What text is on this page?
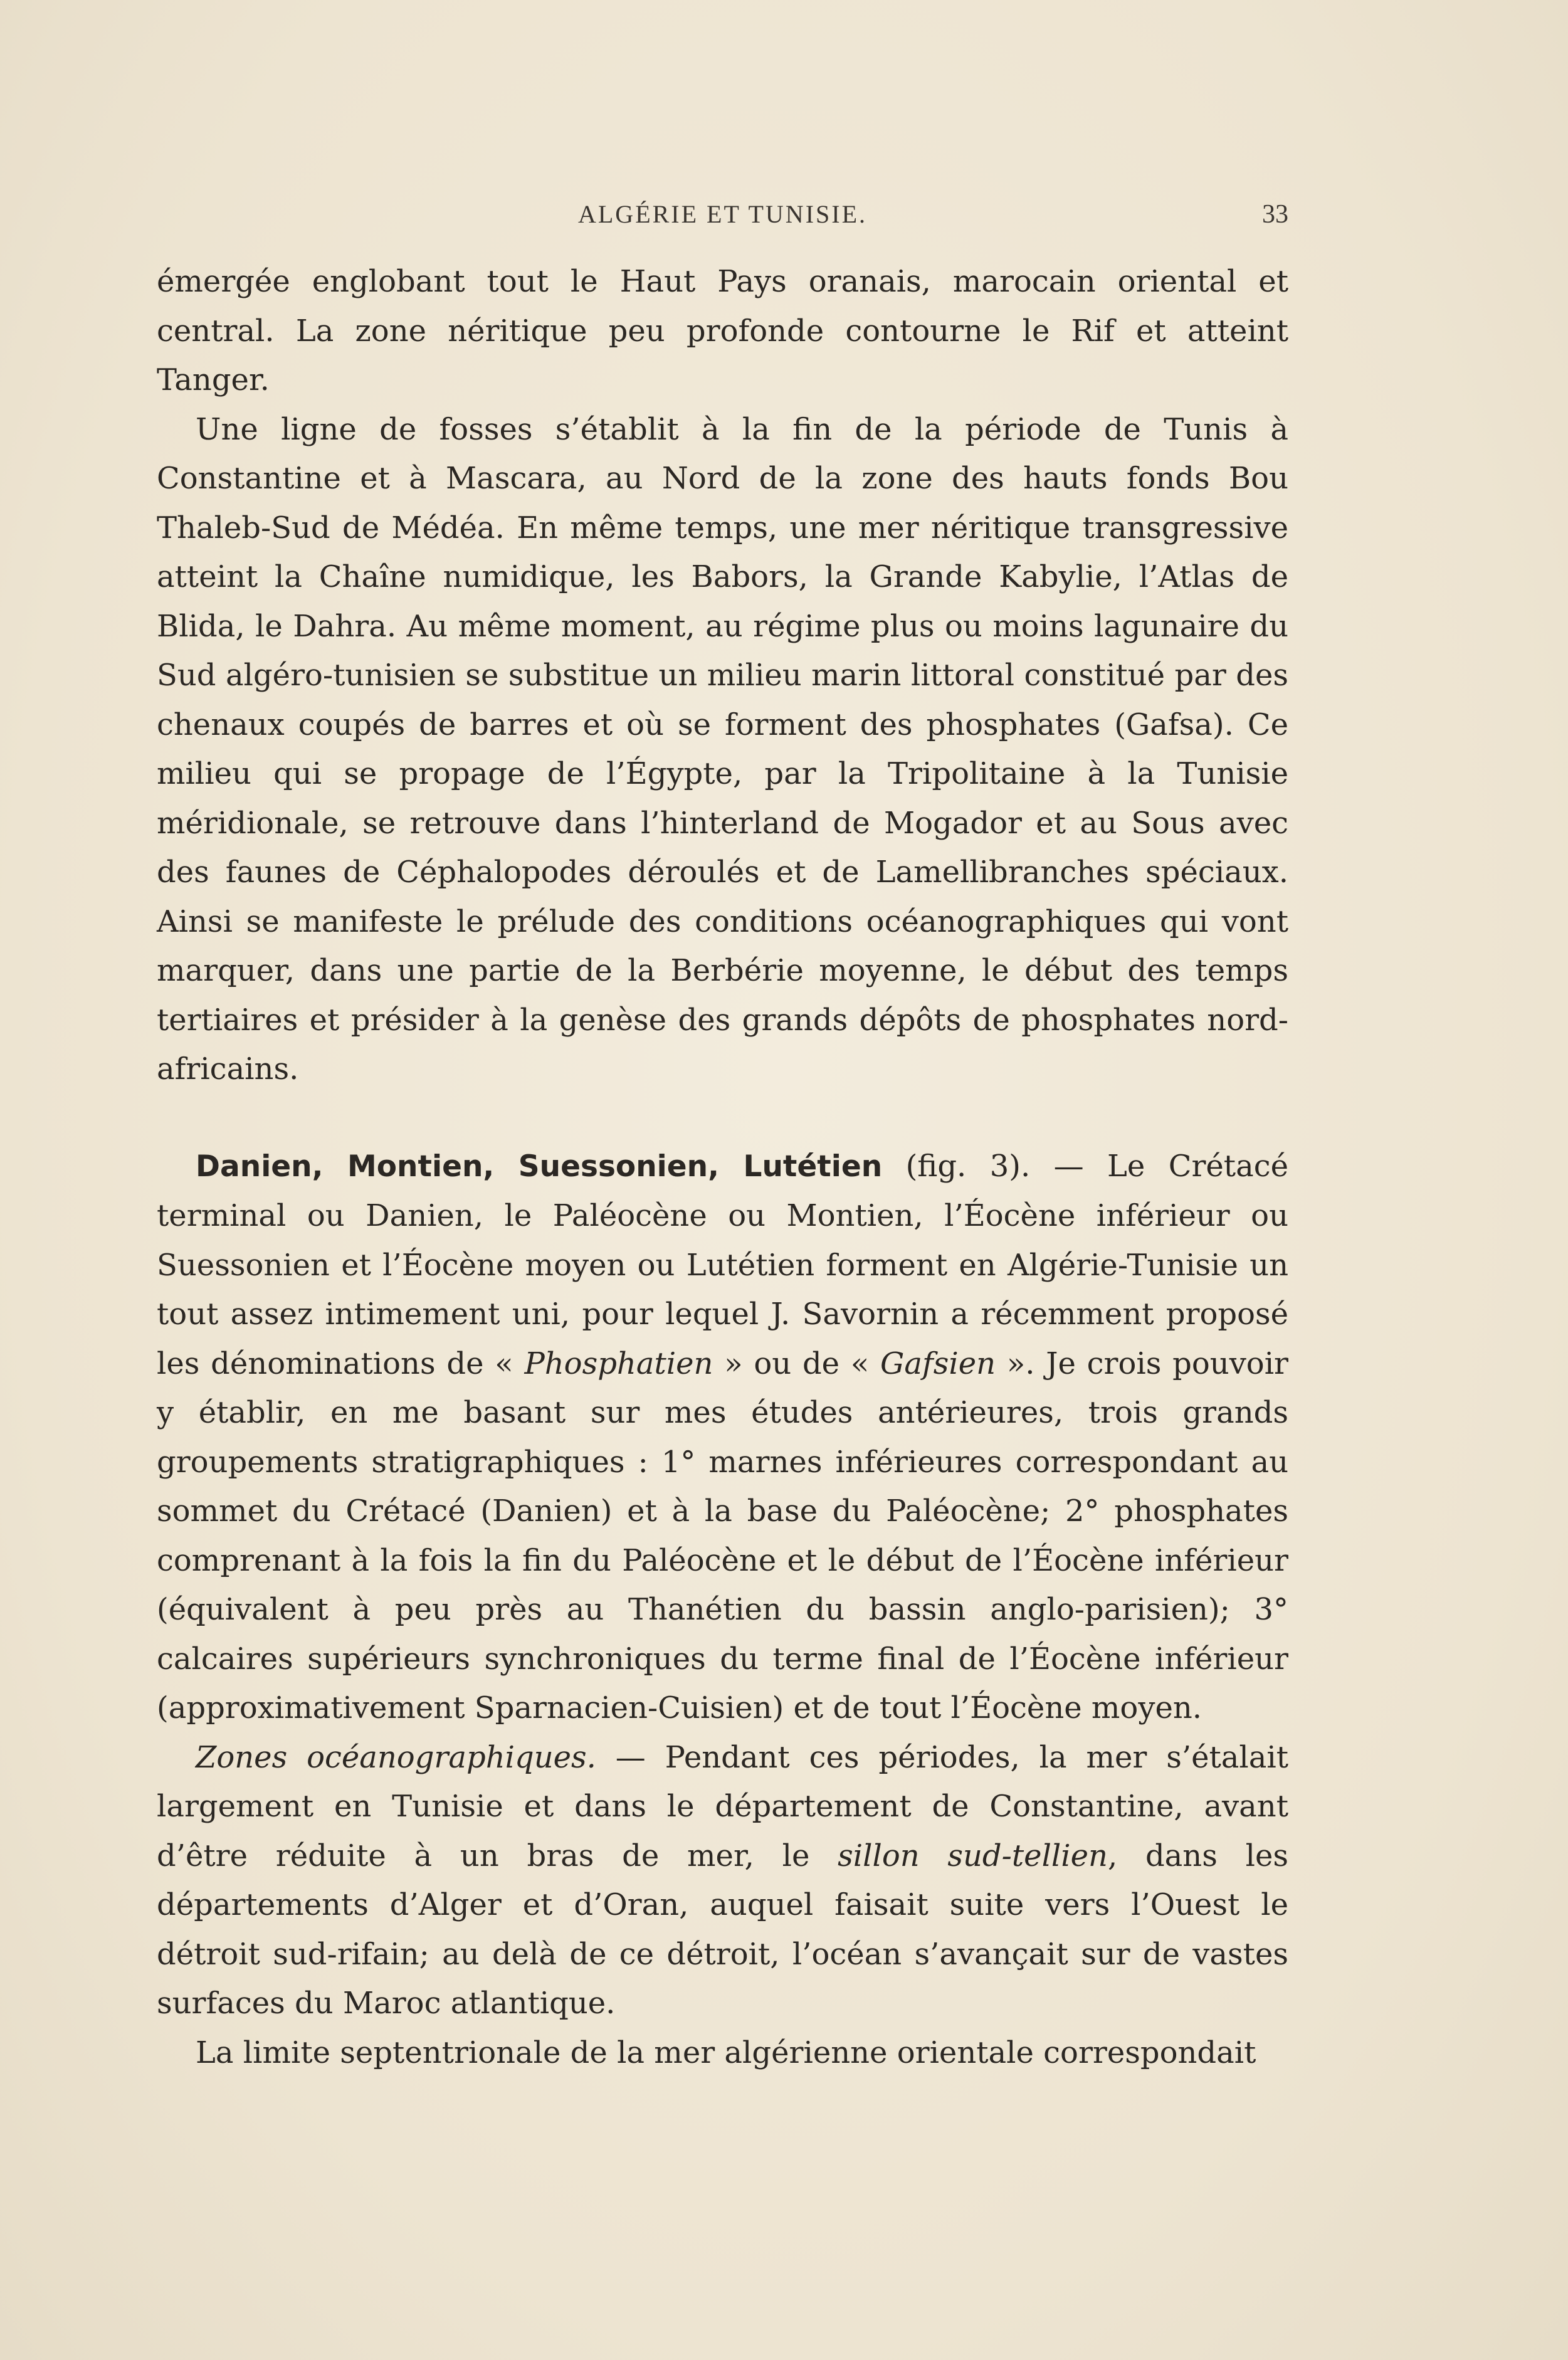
ALGÉRIE ET TUNISIE.	33

émergée englobant tout le Haut Pays oranais, marocain oriental et central. La zone néritique peu profonde contourne le Rif et atteint Tanger.

Une ligne de fosses s’établit à la fin de la période de Tunis à Constantine et à Mascara, au Nord de la zone des hauts fonds Bou Thaleb-Sud de Médéa. En même temps, une mer néritique transgressive atteint la Chaîne numidique, les Babors, la Grande Kabylie, l’Atlas de Blida, le Dahra. Au même moment, au régime plus ou moins lagunaire du Sud algéro-tunisien se substitue un milieu marin littoral constitué par des chenaux coupés de barres et où se forment des phosphates (Gafsa). Ce milieu qui se propage de l’Égypte, par la Tripolitaine à la Tunisie méridionale, se retrouve dans l’hinterland de Mogador et au Sous avec des faunes de Céphalopodes déroulés et de Lamellibranches spéciaux. Ainsi se manifeste le prélude des conditions océanographiques qui vont marquer, dans une partie de la Berbérie moyenne, le début des temps tertiaires et présider à la genèse des grands dépôts de phosphates nord-africains.

Danien, Montien, Suessonien, Lutétien (fig. 3). — Le Crétacé terminal ou Danien, le Paléocène ou Montien, l’Éocène inférieur ou Suessonien et l’Éocène moyen ou Lutétien forment en Algérie-Tunisie un tout assez intimement uni, pour lequel J. Savornin a récemment proposé les dénominations de « Phosphatien » ou de « Gafsien ». Je crois pouvoir y établir, en me basant sur mes études antérieures, trois grands groupements stratigraphiques : 1° marnes inférieures correspondant au sommet du Crétacé (Danien) et à la base du Paléocène; 2° phosphates comprenant à la fois la fin du Paléocène et le début de l’Éocène inférieur (équivalent à peu près au Thanétien du bassin anglo-parisien); 3° calcaires supérieurs synchroniques du terme final de l’Éocène inférieur (approximativement Sparnacien-Cuisien) et de tout l’Éocène moyen.

Zones océanographiques. — Pendant ces périodes, la mer s’étalait largement en Tunisie et dans le département de Constantine, avant d’être réduite à un bras de mer, le sillon sud-tellien, dans les départements d’Alger et d’Oran, auquel faisait suite vers l’Ouest le détroit sud-rifain; au delà de ce détroit, l’océan s’avançait sur de vastes surfaces du Maroc atlantique.

La limite septentrionale de la mer algérienne orientale correspondait
